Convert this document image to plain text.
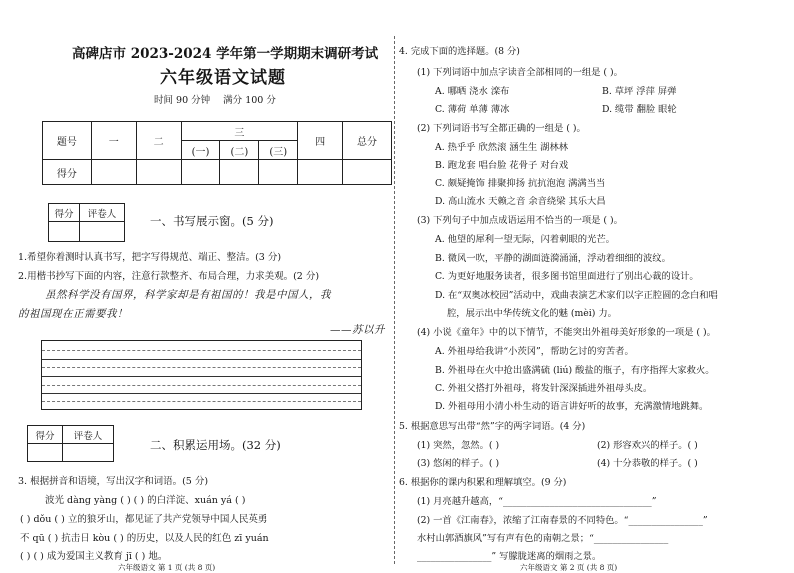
高碑店市 2023-2024 学年第一学期期末调研考试
六年级语文试题
时间 90 分钟 满分 100 分
题号	一	二	三			四	总分
			(一)	(二)	(三)		
得分							
得分	评卷人
		一、书写展示窗。(5 分)
1.希望你着测时认真书写，把字写得规范、端正、整洁。(3 分)
2.用楷书抄写下面的内容，注意行款整齐、布局合理，力求美观。(2 分)
虽然科学没有国界，科学家却是有祖国的！我是中国人，我
的祖国现在正需要我！
——苏以升
得分	评卷人

二、积累运用场。(32 分)
3. 根据拼音和语境，写出汉字和词语。(5 分)
波光 dàng yàng ( ) ( ) 的白洋淀、xuán yá ( )
( ) dǒu ( ) 立的狼牙山，都见证了共产党领导中国人民英勇
不 qū ( ) 抗击日 kòu ( ) 的历史，以及人民的红色 zī yuán
( ) ( ) 成为爱国主义教育 jī ( ) 地。
六年级语文 第 1 页 (共 8 页)
4. 完成下面的选择题。(8 分)
(1) 下列词语中加点字读音全部相同的一组是 ( )。
A. 哪晒 浇水 滦布	B. 草坪 浮萍 屏弹
C. 薄荷 单薄 薄冰	D. 缆带 翻脸 眼轮
(2) 下列词语书写全都正确的一组是 ( )。
A. 热乎乎 欣然滚 涵生生 湖林林
B. 跑龙套 唱台脸 花骨子 对台戏
C. 颇疑掩饰 排聚抑扬 抗抗泡泡 满满当当
D. 高山流水 天赖之音 余音绕梁 其乐大昌
(3) 下列句子中加点成语运用不恰当的一项是 ( )。
A. 他望的犀利一望无际，闪着刺眼的光芒。
B. 微风一吹，平静的湖面涟漪涌涌，浮动着细细的波纹。
C. 为更好地服务读者，很多图书馆里面进行了别出心裁的设计。
D. 在“双奥冰校园”活动中，戏曲表演艺术家们以字正腔圆的念白和唱
腔，展示出中华传统文化的魅 (mèi) 力。
(4) 小说《童年》中的以下情节，不能突出外祖母美好形象的一项是 ( )。
A. 外祖母给我讲“小茨冈”，帮助乞讨的穷苦者。
B. 外祖母在火中抢出盛满硫 (liú) 酸盐的瓶子，有序指挥大家救火。
C. 外祖父搭打外祖母，将发针深深插进外祖母头皮。
D. 外祖母用小清小朴生动的语言讲好听的故事，充满激情地跳舞。
5. 根据意思写出带“然”字的两字词语。(4 分)
(1) 突然，忽然。( )	(2) 形容欢兴的样子。( )
(3) 悠闲的样子。( )	(4) 十分恭敬的样子。( )
6. 根据你的课内积累和理解填空。(9 分)
(1) 月亮越升越高，“________________________________”
(2) 一首《江南春》，浓缩了江南春景的不同特色。“________________”
水村山郭酒旗风”写有声有色的南朝之景；“________________
________________” 写朦胧迷离的烟雨之景。
六年级语文 第 2 页 (共 8 页)
